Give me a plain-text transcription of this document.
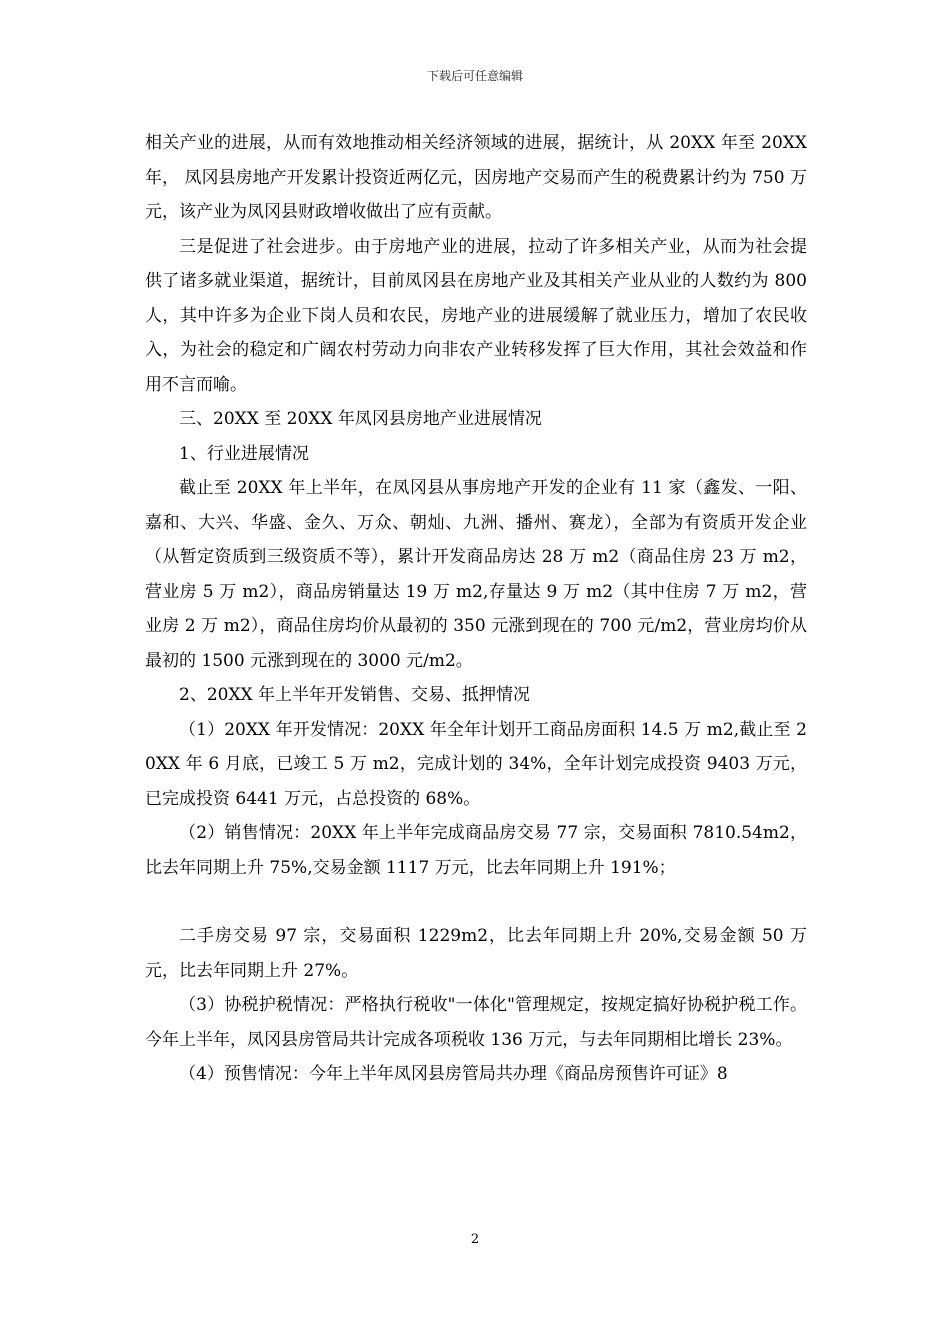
下载后可任意编辑

相关产业的进展，从而有效地推动相关经济领域的进展，据统计，从 20XX 年至 20XX 年， 凤冈县房地产开发累计投资近两亿元，因房地产交易而产生的税费累计约为 750 万元，该产业为凤冈县财政增收做出了应有贡献。

三是促进了社会进步。由于房地产业的进展，拉动了许多相关产业，从而为社会提供了诸多就业渠道，据统计，目前凤冈县在房地产业及其相关产业从业的人数约为 800 人，其中许多为企业下岗人员和农民，房地产业的进展缓解了就业压力，增加了农民收入，为社会的稳定和广阔农村劳动力向非农产业转移发挥了巨大作用，其社会效益和作用不言而喻。

三、20XX 至 20XX 年凤冈县房地产业进展情况

1、行业进展情况

截止至 20XX 年上半年，在凤冈县从事房地产开发的企业有 11 家（鑫发、一阳、嘉和、大兴、华盛、金久、万众、朝灿、九洲、播州、赛龙），全部为有资质开发企业（从暂定资质到三级资质不等），累计开发商品房达 28 万 m2（商品住房 23 万 m2，营业房 5 万 m2），商品房销量达 19 万 m2,存量达 9 万 m2（其中住房 7 万 m2，营业房 2 万 m2），商品住房均价从最初的 350 元涨到现在的 700 元/m2，营业房均价从最初的 1500 元涨到现在的 3000 元/m2。

2、20XX 年上半年开发销售、交易、抵押情况

（1）20XX 年开发情况：20XX 年全年计划开工商品房面积 14.5 万 m2,截止至 20XX 年 6 月底，已竣工 5 万 m2，完成计划的 34%，全年计划完成投资 9403 万元，已完成投资 6441 万元，占总投资的 68%。

（2）销售情况：20XX 年上半年完成商品房交易 77 宗，交易面积 7810.54m2，比去年同期上升 75%,交易金额 1117 万元，比去年同期上升 191%；

二手房交易 97 宗，交易面积 1229m2，比去年同期上升 20%,交易金额 50 万元，比去年同期上升 27%。

（3）协税护税情况：严格执行税收"一体化"管理规定，按规定搞好协税护税工作。今年上半年，凤冈县房管局共计完成各项税收 136 万元，与去年同期相比增长 23%。

（4）预售情况：今年上半年凤冈县房管局共办理《商品房预售许可证》8

2
